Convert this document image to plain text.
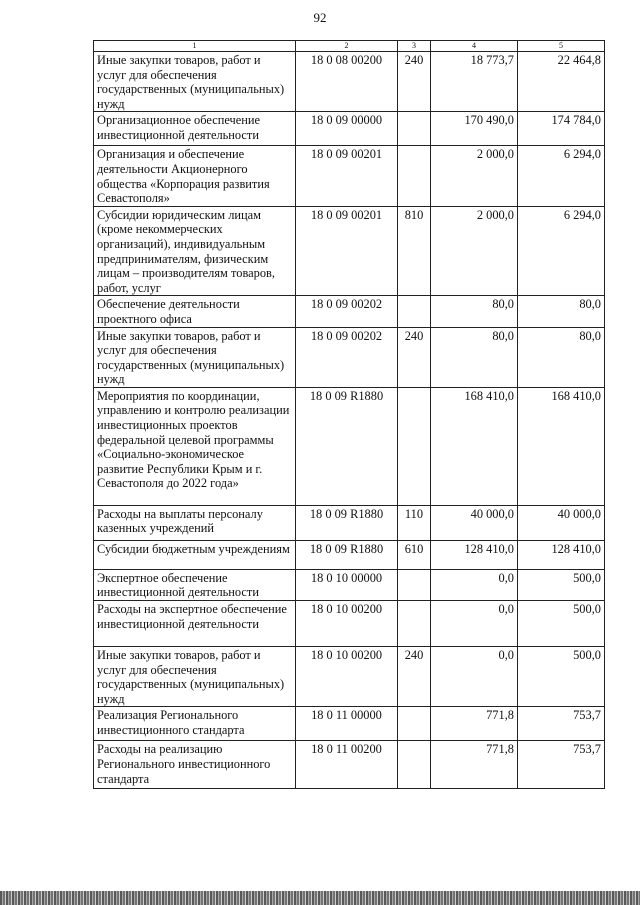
92
1	2	3	4	5
Иные закупки товаров, работ и услуг для обеспечения государственных (муниципальных) нужд	18 0 08 00200	240	18 773,7	22 464,8
Организационное обеспечение инвестиционной деятельности	18 0 09 00000		170 490,0	174 784,0
Организация и обеспечение деятельности Акционерного общества «Корпорация развития Севастополя»	18 0 09 00201		2 000,0	6 294,0
Субсидии юридическим лицам (кроме некоммерческих организаций), индивидуальным предпринимателям, физическим лицам – производителям товаров, работ, услуг	18 0 09 00201	810	2 000,0	6 294,0
Обеспечение деятельности проектного офиса	18 0 09 00202		80,0	80,0
Иные закупки товаров, работ и услуг для обеспечения государственных (муниципальных) нужд	18 0 09 00202	240	80,0	80,0
Мероприятия по координации, управлению и контролю реализации инвестиционных проектов федеральной целевой программы «Социально-экономическое развитие Республики Крым и г. Севастополя до 2022 года»	18 0 09 R1880		168 410,0	168 410,0
Расходы на выплаты персоналу казенных учреждений	18 0 09 R1880	110	40 000,0	40 000,0
Субсидии бюджетным учреждениям	18 0 09 R1880	610	128 410,0	128 410,0
Экспертное обеспечение инвестиционной деятельности	18 0 10 00000		0,0	500,0
Расходы на экспертное обеспечение инвестиционной деятельности	18 0 10 00200		0,0	500,0
Иные закупки товаров, работ и услуг для обеспечения государственных (муниципальных) нужд	18 0 10 00200	240	0,0	500,0
Реализация Регионального инвестиционного стандарта	18 0 11 00000		771,8	753,7
Расходы на реализацию Регионального инвестиционного стандарта	18 0 11 00200		771,8	753,7
